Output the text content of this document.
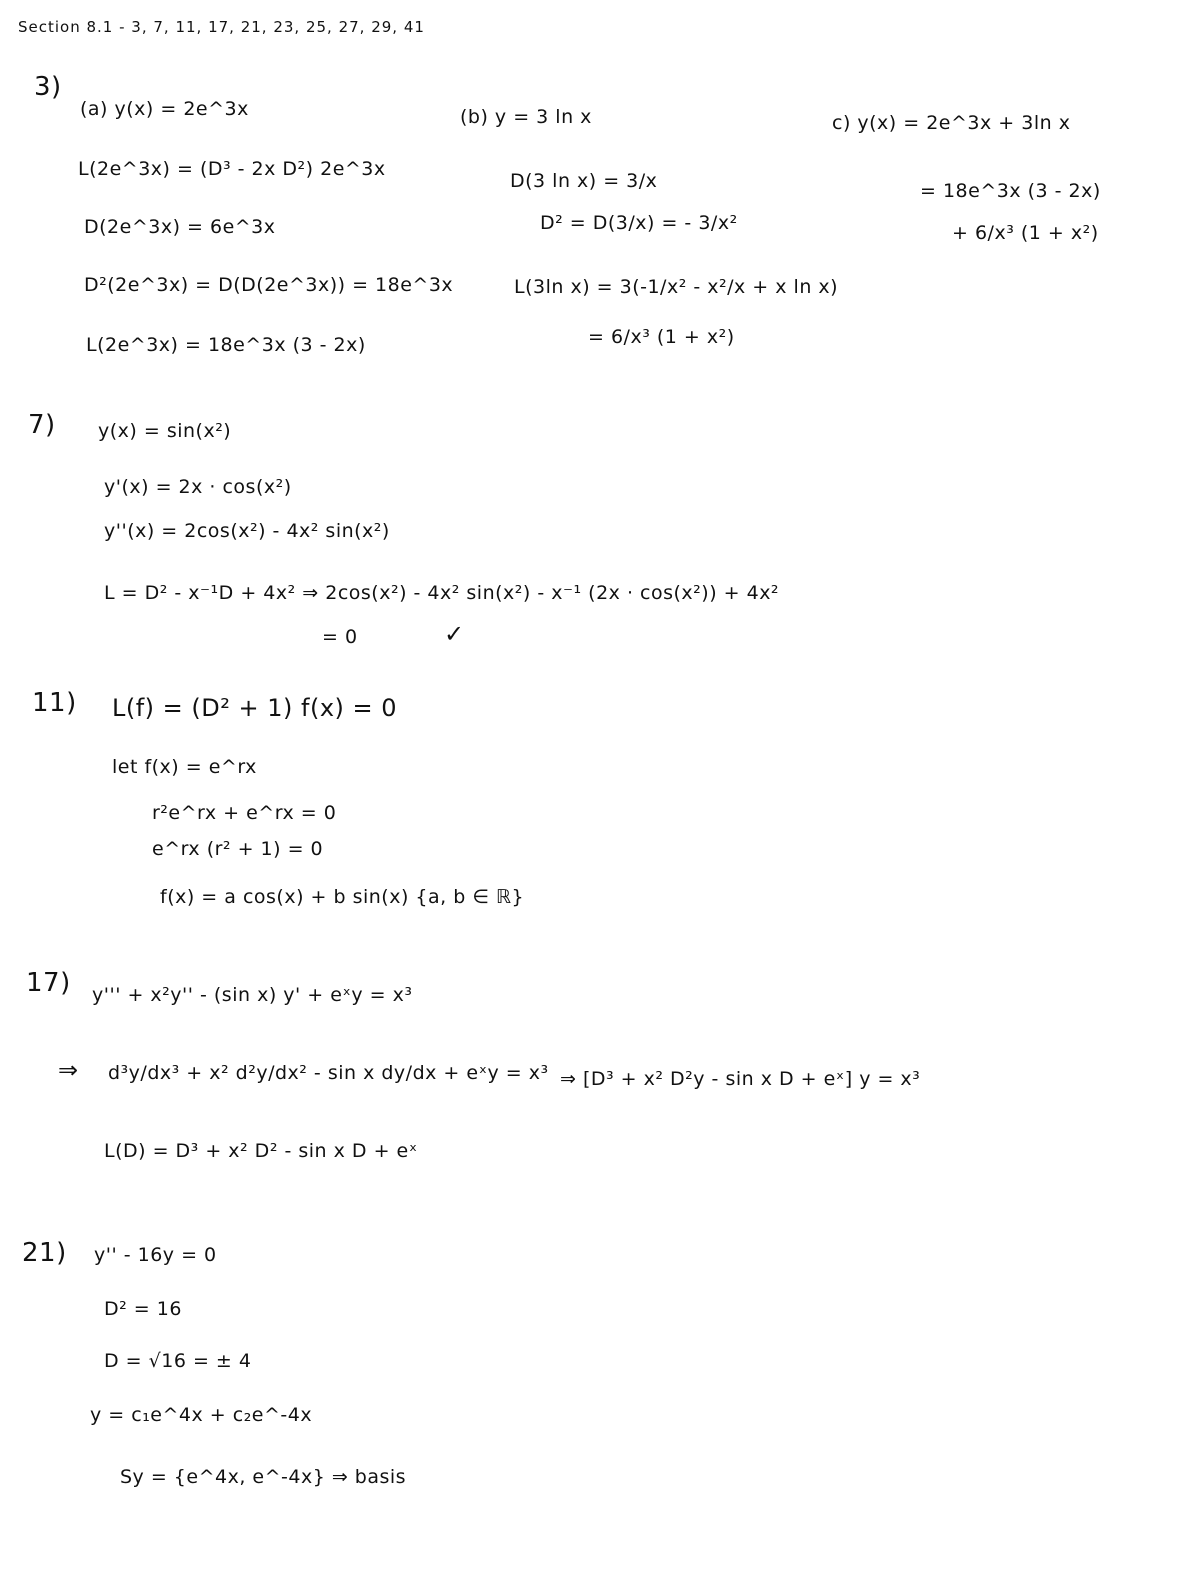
Section 8.1 - 3, 7, 11, 17, 21, 23, 25, 27, 29, 41
3)
(a) y(x) = 2e^3x
L(2e^3x) = (D³ - 2x D²) 2e^3x
D(2e^3x) = 6e^3x
D²(2e^3x) = D(D(2e^3x)) = 18e^3x
L(2e^3x) = 18e^3x (3 - 2x)
(b) y = 3 ln x
D(3 ln x) = 3/x
D² = D(3/x) = - 3/x²
L(3ln x) = 3(-1/x² - x²/x + x ln x)
= 6/x³ (1 + x²)
c) y(x) = 2e^3x + 3ln x
= 18e^3x (3 - 2x)
+ 6/x³ (1 + x²)
7) y(x) = sin(x²)
y'(x) = 2x · cos(x²)
y''(x) = 2cos(x²) - 4x² sin(x²)
L = D² - x⁻¹D + 4x² ⇒ 2cos(x²) - 4x² sin(x²) - x⁻¹ (2x · cos(x²)) + 4x²
= 0	✓
11) L(f) = (D² + 1) f(x) = 0
let f(x) = e^rx
r²e^rx + e^rx = 0
e^rx (r² + 1) = 0
f(x) = a cos(x) + b sin(x) {a, b ∈ ℝ}
17) y''' + x²y'' - (sin x) y' + eˣy = x³
⇒ d³y/dx³ + x² d²y/dx² - sin x dy/dx + eˣy = x³ ⇒ [D³ + x² D²y - sin x D + eˣ] y = x³
L(D) = D³ + x² D² - sin x D + eˣ
21) y'' - 16y = 0
D² = 16
D = √16 = ± 4
y = c₁e^4x + c₂e^-4x
Sy = {e^4x, e^-4x} ⇒ basis
